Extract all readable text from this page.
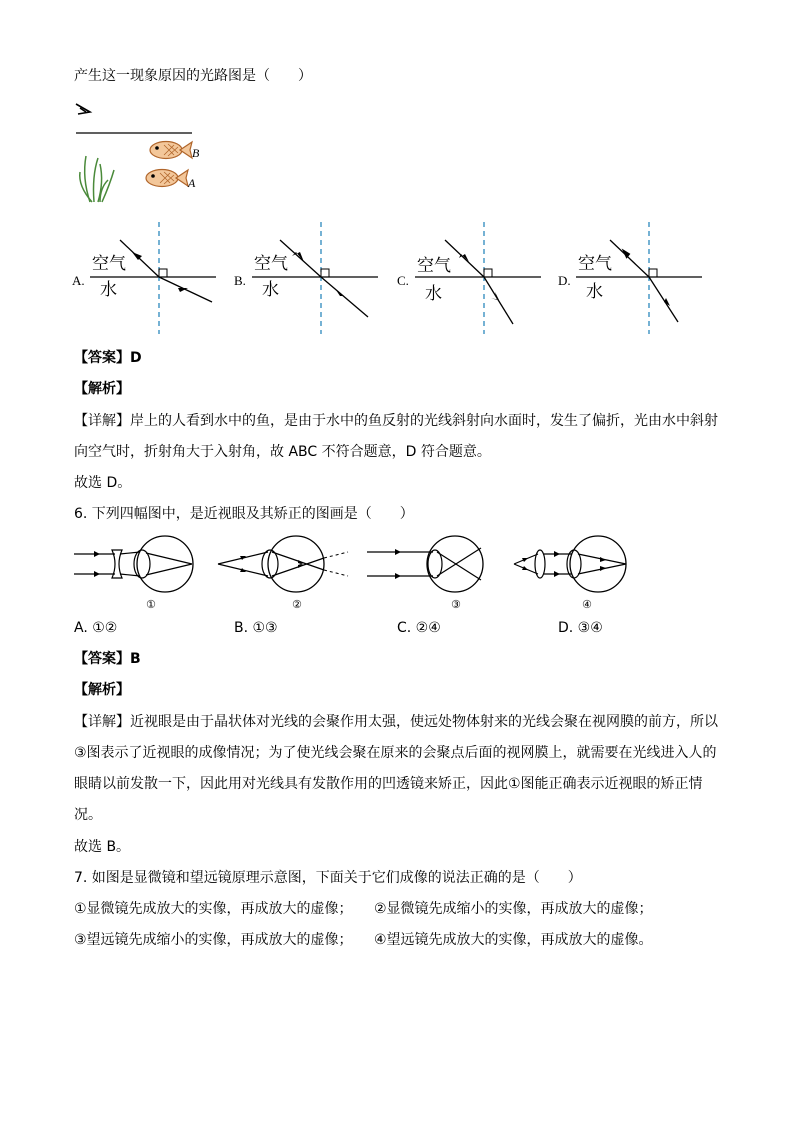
产生这一现象原因的光路图是（　　）
B
A
A.
空气
水	B.
空气
水	C.
空气
水
D.
空气
水
【答案】D
【解析】
【详解】岸上的人看到水中的鱼，是由于水中的鱼反射的光线斜射向水面时，发生了偏折，光由水中斜射
向空气时，折射角大于入射角，故 ABC 不符合题意，D 符合题意。
故选 D。
6. 下列四幅图中，是近视眼及其矫正的图画是（　　）
①	②	③	④
A. ①②	B. ①③	C. ②④	D. ③④
【答案】B
【解析】
【详解】近视眼是由于晶状体对光线的会聚作用太强，使远处物体射来的光线会聚在视网膜的前方，所以
③图表示了近视眼的成像情况；为了使光线会聚在原来的会聚点后面的视网膜上，就需要在光线进入人的
眼睛以前发散一下，因此用对光线具有发散作用的凹透镜来矫正，因此①图能正确表示近视眼的矫正情
况。
故选 B。
7. 如图是显微镜和望远镜原理示意图，下面关于它们成像的说法正确的是（　　）
①显微镜先成放大的实像，再成放大的虚像； ②显微镜先成缩小的实像，再成放大的虚像；
③望远镜先成缩小的实像，再成放大的虚像； ④望远镜先成放大的实像，再成放大的虚像。
